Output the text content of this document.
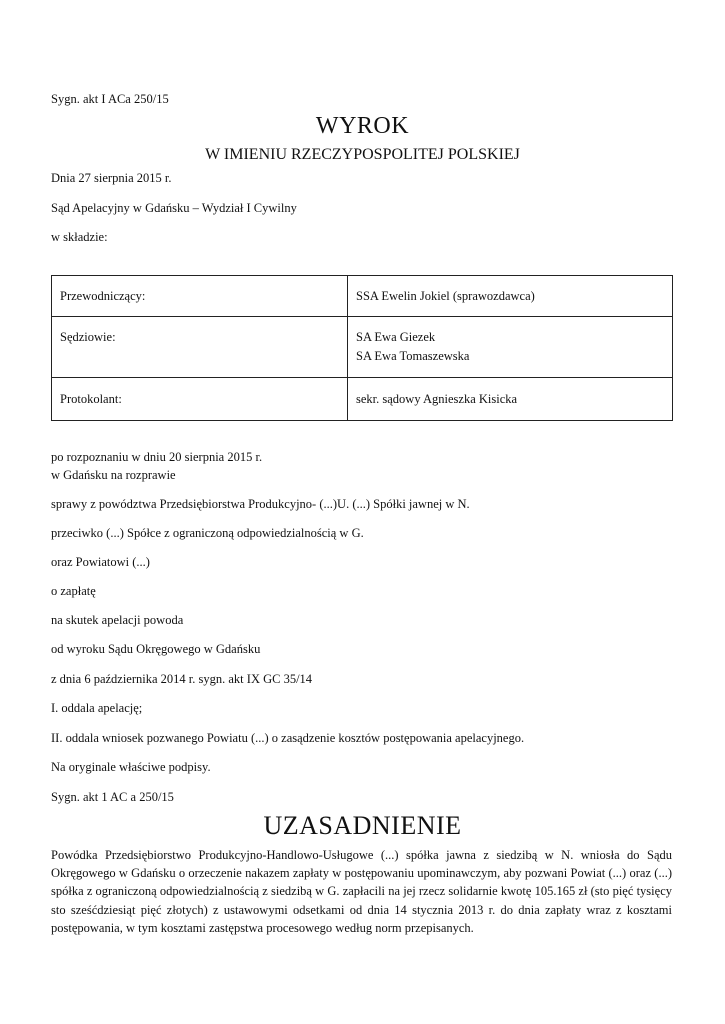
Sygn. akt I ACa 250/15
WYROK
W IMIENIU RZECZYPOSPOLITEJ POLSKIEJ
Dnia 27 sierpnia 2015 r.
Sąd Apelacyjny w Gdańsku – Wydział I Cywilny
w składzie:
Przewodniczący:	SSA Ewelin Jokiel (sprawozdawca)
Sędziowie:	SA Ewa Giezek
SA Ewa Tomaszewska

Protokolant:	sekr. sądowy Agnieszka Kisicka
po rozpoznaniu w dniu 20 sierpnia 2015 r.
w Gdańsku na rozprawie
sprawy z powództwa Przedsiębiorstwa Produkcyjno- (...)U. (...) Spółki jawnej w N.
przeciwko (...) Spółce z ograniczoną odpowiedzialnością w G.
oraz Powiatowi (...)
o zapłatę
na skutek apelacji powoda
od wyroku Sądu Okręgowego w Gdańsku
z dnia 6 października 2014 r. sygn. akt IX GC 35/14
I. oddala apelację;
II. oddala wniosek pozwanego Powiatu (...) o zasądzenie kosztów postępowania apelacyjnego.
Na oryginale właściwe podpisy.
Sygn. akt 1 AC a 250/15
UZASADNIENIE
Powódka Przedsiębiorstwo Produkcyjno-Handlowo-Usługowe (...) spółka jawna z siedzibą w N. wniosła do Sądu Okręgowego w Gdańsku o orzeczenie nakazem zapłaty w postępowaniu upominawczym, aby pozwani Powiat (...) oraz (...) spółka z ograniczoną odpowiedzialnością z siedzibą w G. zapłacili na jej rzecz solidarnie kwotę 105.165 zł (sto pięć tysięcy sto sześćdziesiąt pięć złotych) z ustawowymi odsetkami od dnia 14 stycznia 2013 r. do dnia zapłaty wraz z kosztami postępowania, w tym kosztami zastępstwa procesowego według norm przepisanych.
